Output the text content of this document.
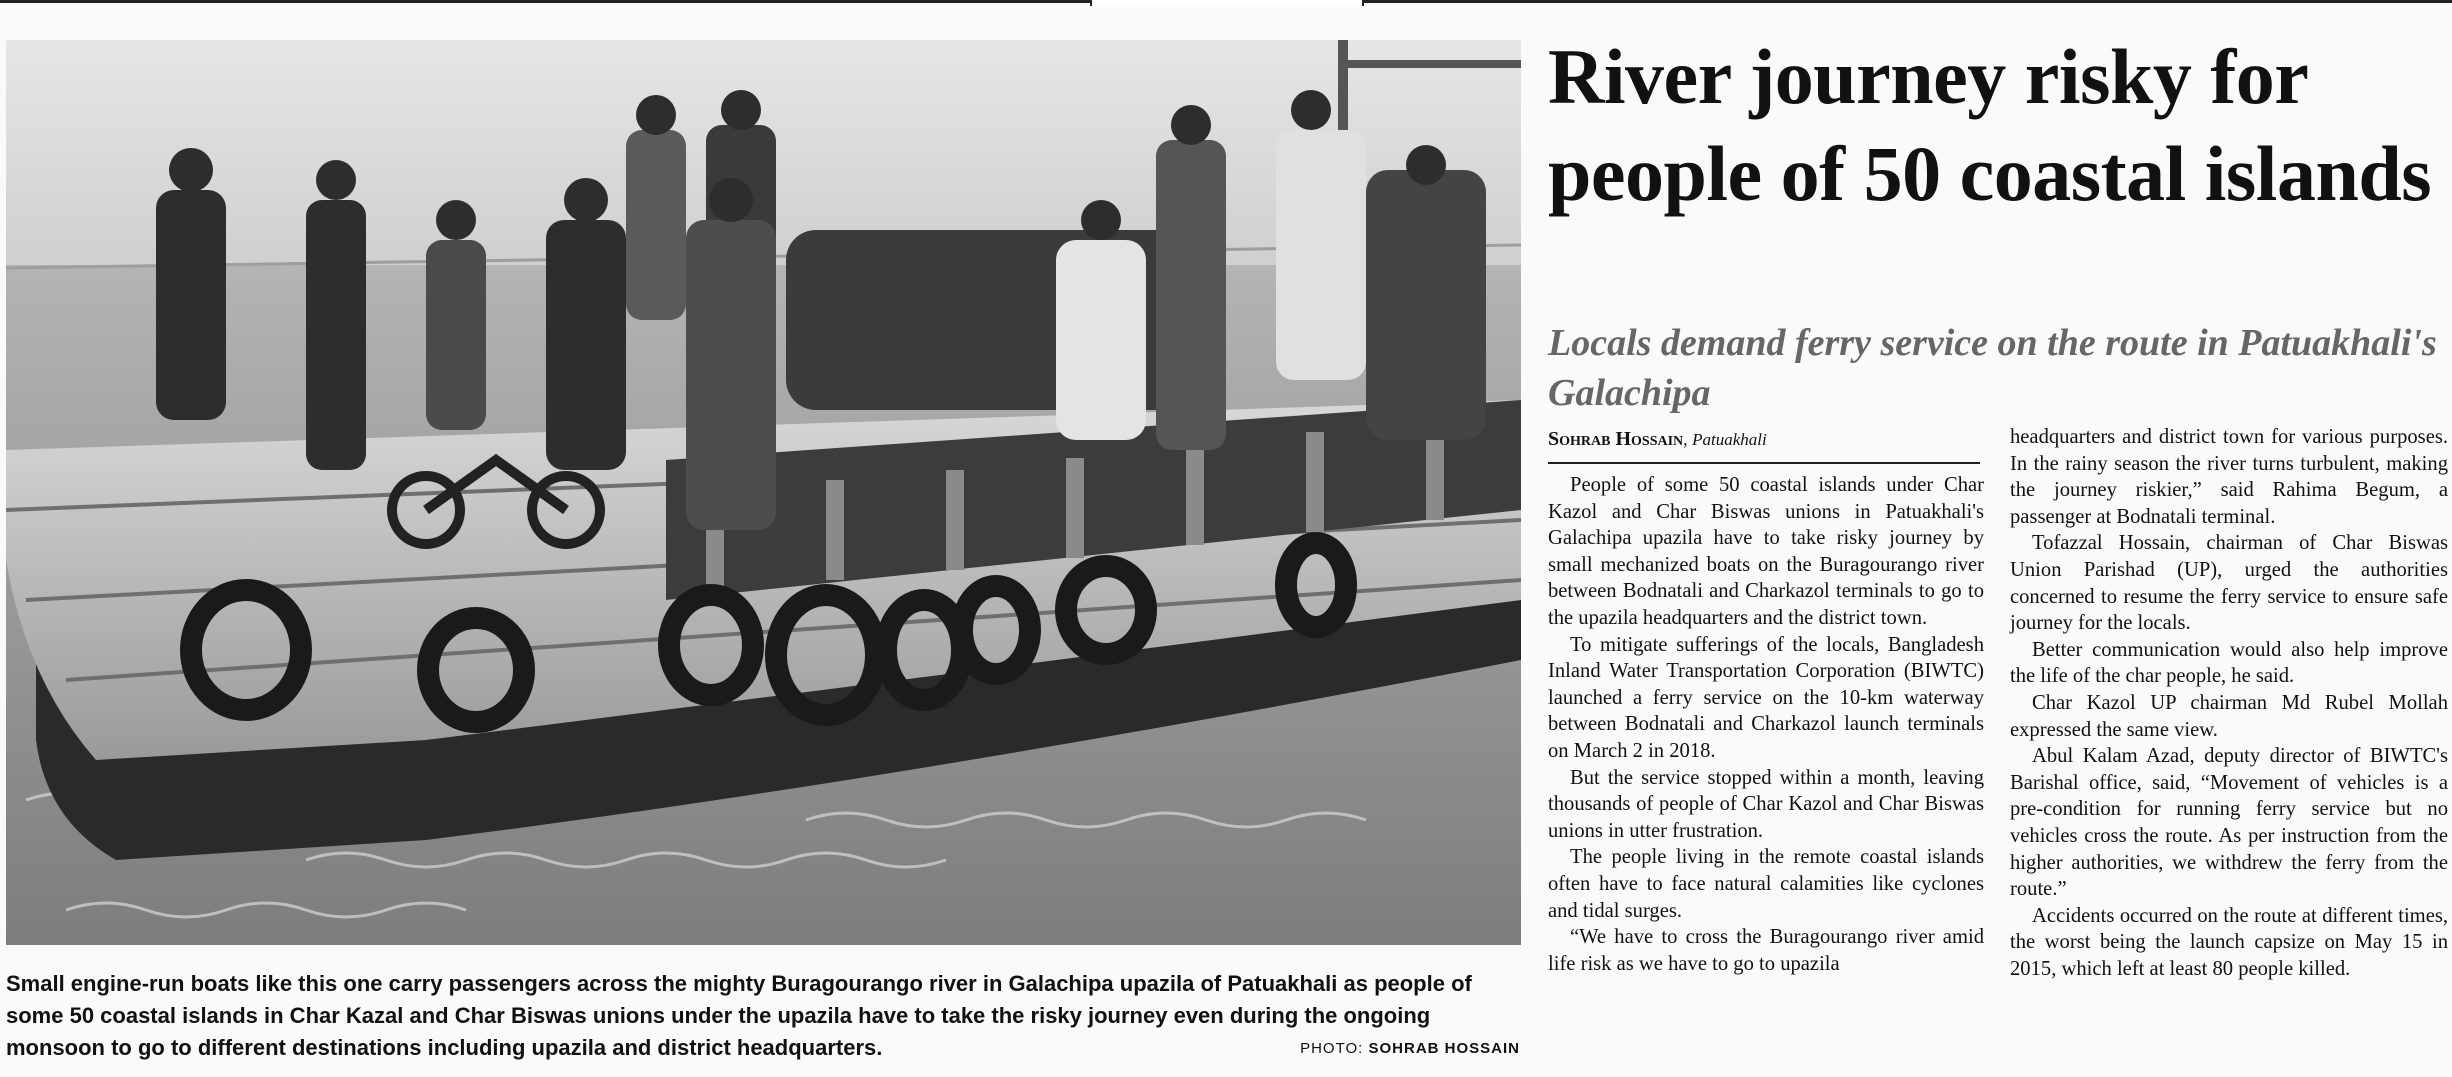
Small engine-run boats like this one carry passengers across the mighty Buragourango river in Galachipa upazila of Patuakhali as people of some 50 coastal islands in Char Kazal and Char Biswas unions under the upazila have to take the risky journey even during the ongoing monsoon to go to different destinations including upazila and district headquarters.	PHOTO: SOHRAB HOSSAIN
River journey risky for people of 50 coastal islands
Locals demand ferry service on the route in Patuakhali's Galachipa
Sohrab Hossain, Patuakhali

People of some 50 coastal islands under Char Kazol and Char Biswas unions in Patuakhali's Galachipa upazila have to take risky journey by small mechanized boats on the Buragourango river between Bodnatali and Charkazol terminals to go to the upazila headquarters and the district town.

To mitigate sufferings of the locals, Bangladesh Inland Water Transportation Corporation (BIWTC) launched a ferry service on the 10-km waterway between Bodnatali and Charkazol launch terminals on March 2 in 2018.

But the service stopped within a month, leaving thousands of people of Char Kazol and Char Biswas unions in utter frustration.

The people living in the remote coastal islands often have to face natural calamities like cyclones and tidal surges.

“We have to cross the Buragourango river amid life risk as we have to go to upazila

headquarters and district town for various purposes. In the rainy season the river turns turbulent, making the journey riskier,” said Rahima Begum, a passenger at Bodnatali terminal.

Tofazzal Hossain, chairman of Char Biswas Union Parishad (UP), urged the authorities concerned to resume the ferry service to ensure safe journey for the locals.

Better communication would also help improve the life of the char people, he said.

Char Kazol UP chairman Md Rubel Mollah expressed the same view.

Abul Kalam Azad, deputy director of BIWTC's Barishal office, said, “Movement of vehicles is a pre-condition for running ferry service but no vehicles cross the route. As per instruction from the higher authorities, we withdrew the ferry from the route.”

Accidents occurred on the route at different times, the worst being the launch capsize on May 15 in 2015, which left at least 80 people killed.
